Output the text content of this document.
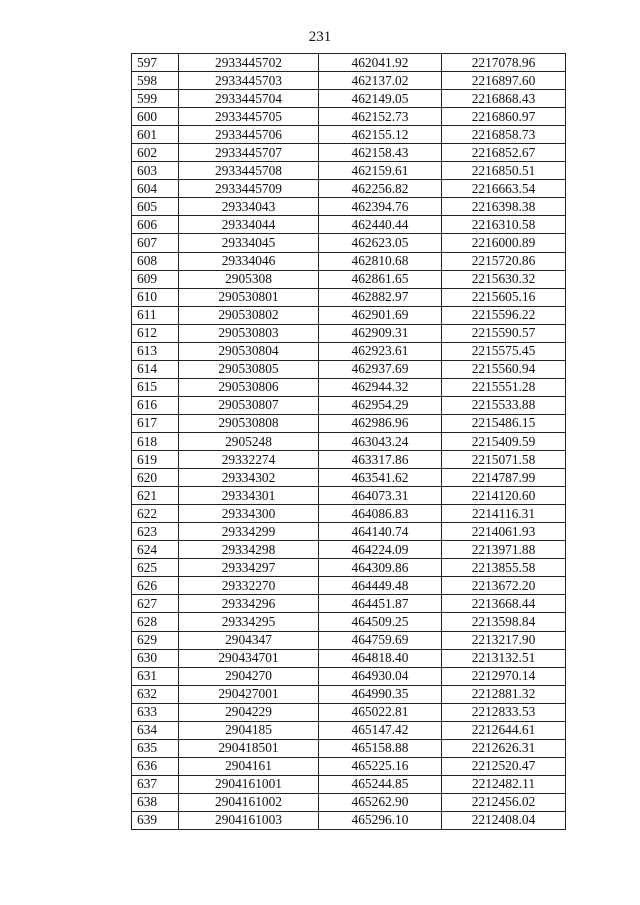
231
597	2933445702	462041.92	2217078.96
598	2933445703	462137.02	2216897.60
599	2933445704	462149.05	2216868.43
600	2933445705	462152.73	2216860.97
601	2933445706	462155.12	2216858.73
602	2933445707	462158.43	2216852.67
603	2933445708	462159.61	2216850.51
604	2933445709	462256.82	2216663.54
605	29334043	462394.76	2216398.38
606	29334044	462440.44	2216310.58
607	29334045	462623.05	2216000.89
608	29334046	462810.68	2215720.86
609	2905308	462861.65	2215630.32
610	290530801	462882.97	2215605.16
611	290530802	462901.69	2215596.22
612	290530803	462909.31	2215590.57
613	290530804	462923.61	2215575.45
614	290530805	462937.69	2215560.94
615	290530806	462944.32	2215551.28
616	290530807	462954.29	2215533.88
617	290530808	462986.96	2215486.15
618	2905248	463043.24	2215409.59
619	29332274	463317.86	2215071.58
620	29334302	463541.62	2214787.99
621	29334301	464073.31	2214120.60
622	29334300	464086.83	2214116.31
623	29334299	464140.74	2214061.93
624	29334298	464224.09	2213971.88
625	29334297	464309.86	2213855.58
626	29332270	464449.48	2213672.20
627	29334296	464451.87	2213668.44
628	29334295	464509.25	2213598.84
629	2904347	464759.69	2213217.90
630	290434701	464818.40	2213132.51
631	2904270	464930.04	2212970.14
632	290427001	464990.35	2212881.32
633	2904229	465022.81	2212833.53
634	2904185	465147.42	2212644.61
635	290418501	465158.88	2212626.31
636	2904161	465225.16	2212520.47
637	2904161001	465244.85	2212482.11
638	2904161002	465262.90	2212456.02
639	2904161003	465296.10	2212408.04
